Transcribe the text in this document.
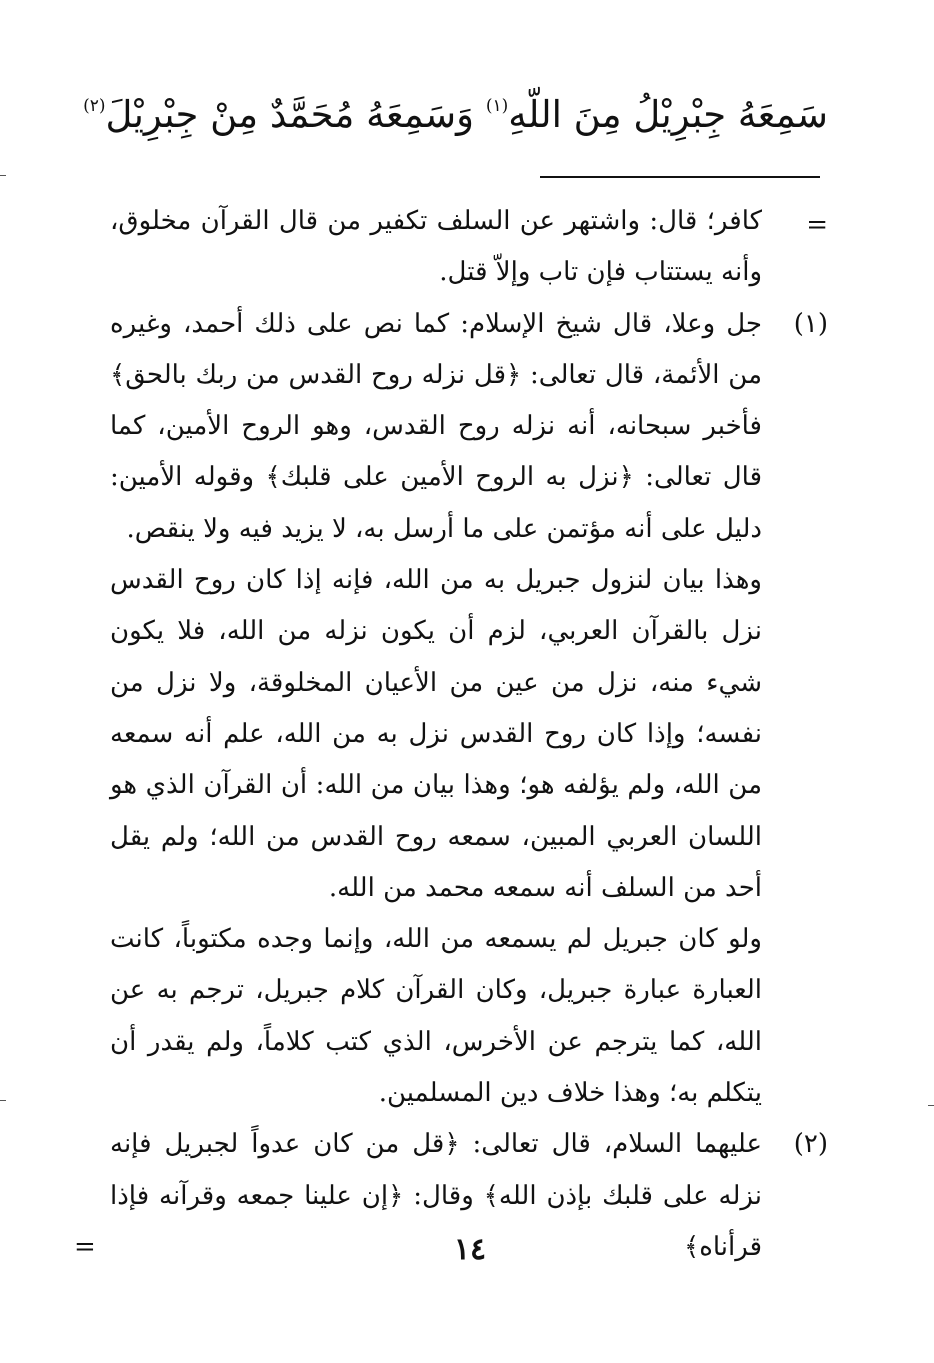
سَمِعَهُ جِبْرِيْلُ مِنَ اللّهِ$^{(١)}$ وَسَمِعَهُ مُحَمَّدٌ مِنْ جِبْرِيْلَ$^{(٢)}$

=
كافر؛ قال: واشتهر عن السلف تكفير من قال القرآن مخلوق، وأنه يستتاب فإن تاب وإلاّ قتل.

(١)

جل وعلا، قال شيخ الإسلام: كما نص على ذلك أحمد، وغيره من الأئمة، قال تعالى: ﴿قل نزله روح القدس من ربك بالحق﴾ فأخبر سبحانه، أنه نزله روح القدس، وهو الروح الأمين، كما قال تعالى: ﴿نزل به الروح الأمين على قلبك﴾ وقوله الأمين: دليل على أنه مؤتمن على ما أرسل به، لا يزيد فيه ولا ينقص.

وهذا بيان لنزول جبريل به من الله، فإنه إذا كان روح القدس نزل بالقرآن العربي، لزم أن يكون نزله من الله، فلا يكون شيء منه، نزل من عين من الأعيان المخلوقة، ولا نزل من نفسه؛ وإذا كان روح القدس نزل به من الله، علم أنه سمعه من الله، ولم يؤلفه هو؛ وهذا بيان من الله: أن القرآن الذي هو اللسان العربي المبين، سمعه روح القدس من الله؛ ولم يقل أحد من السلف أنه سمعه محمد من الله.

ولو كان جبريل لم يسمعه من الله، وإنما وجده مكتوباً، كانت العبارة عبارة جبريل، وكان القرآن كلام جبريل، ترجم به عن الله، كما يترجم عن الأخرس، الذي كتب كلاماً، ولم يقدر أن يتكلم به؛ وهذا خلاف دين المسلمين.

(٢)

عليهما السلام، قال تعالى: ﴿قل من كان عدواً لجبريل فإنه نزله على قلبك بإذن الله﴾ وقال: ﴿إن علينا جمعه وقرآنه فإذا قرأناه﴾

=	١٤
